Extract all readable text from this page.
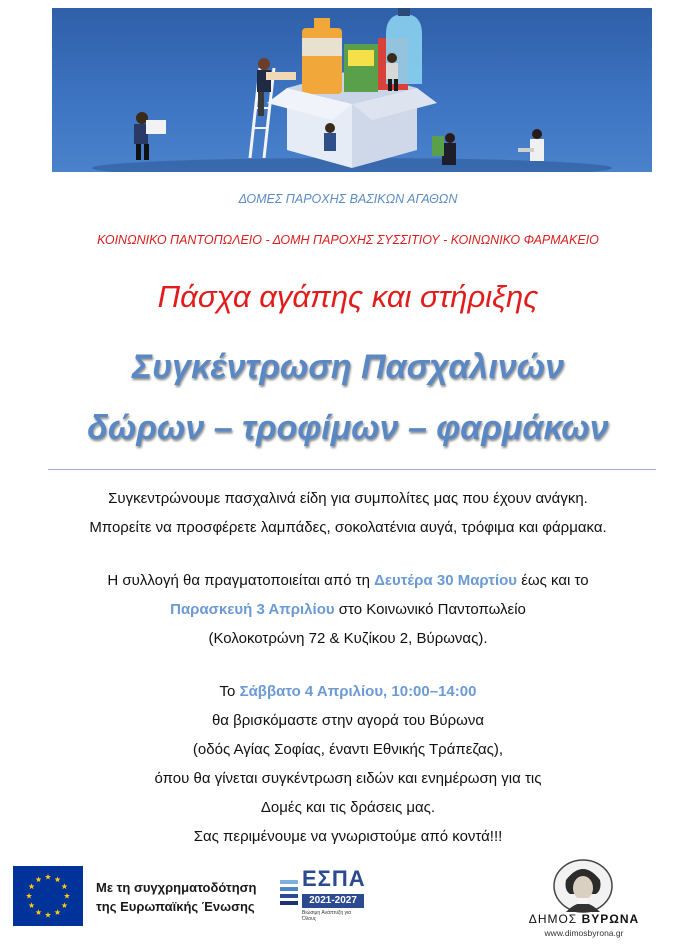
ΔΟΜΕΣ ΠΑΡΟΧΗΣ ΒΑΣΙΚΩΝ ΑΓΑΘΩΝ
ΚΟΙΝΩΝΙΚΟ ΠΑΝΤΟΠΩΛΕΙΟ - ΔΟΜΗ ΠΑΡΟΧΗΣ ΣΥΣΣΙΤΙΟΥ - ΚΟΙΝΩΝΙΚΟ ΦΑΡΜΑΚΕΙΟ
Πάσχα αγάπης και στήριξης
Συγκέντρωση Πασχαλινών
δώρων – τροφίμων – φαρμάκων
Συγκεντρώνουμε πασχαλινά είδη για συμπολίτες μας που έχουν ανάγκη.
Μπορείτε να προσφέρετε λαμπάδες, σοκολατένια αυγά, τρόφιμα και φάρμακα.
Η συλλογή θα πραγματοποιείται από τη Δευτέρα 30 Μαρτίου έως και το
Παρασκευή 3 Απριλίου στο Κοινωνικό Παντοπωλείο
(Κολοκοτρώνη 72 & Κυζίκου 2, Βύρωνας).
Το Σάββατο 4 Απριλίου, 10:00–14:00
θα βρισκόμαστε στην αγορά του Βύρωνα
(οδός Αγίας Σοφίας, έναντι Εθνικής Τράπεζας),
όπου θα γίνεται συγκέντρωση ειδών και ενημέρωση για τις
Δομές και τις δράσεις μας.
Σας περιμένουμε να γνωριστούμε από κοντά!!!
Με τη συγχρηματοδότηση
της Ευρωπαϊκής Ένωσης
ΕΣΠΑ
2021-2027
Βιώσιμη Ανάπτυξη για Όλους	ΔΗΜΟΣ ΒΥΡΩΝΑ
www.dimosbyrona.gr
